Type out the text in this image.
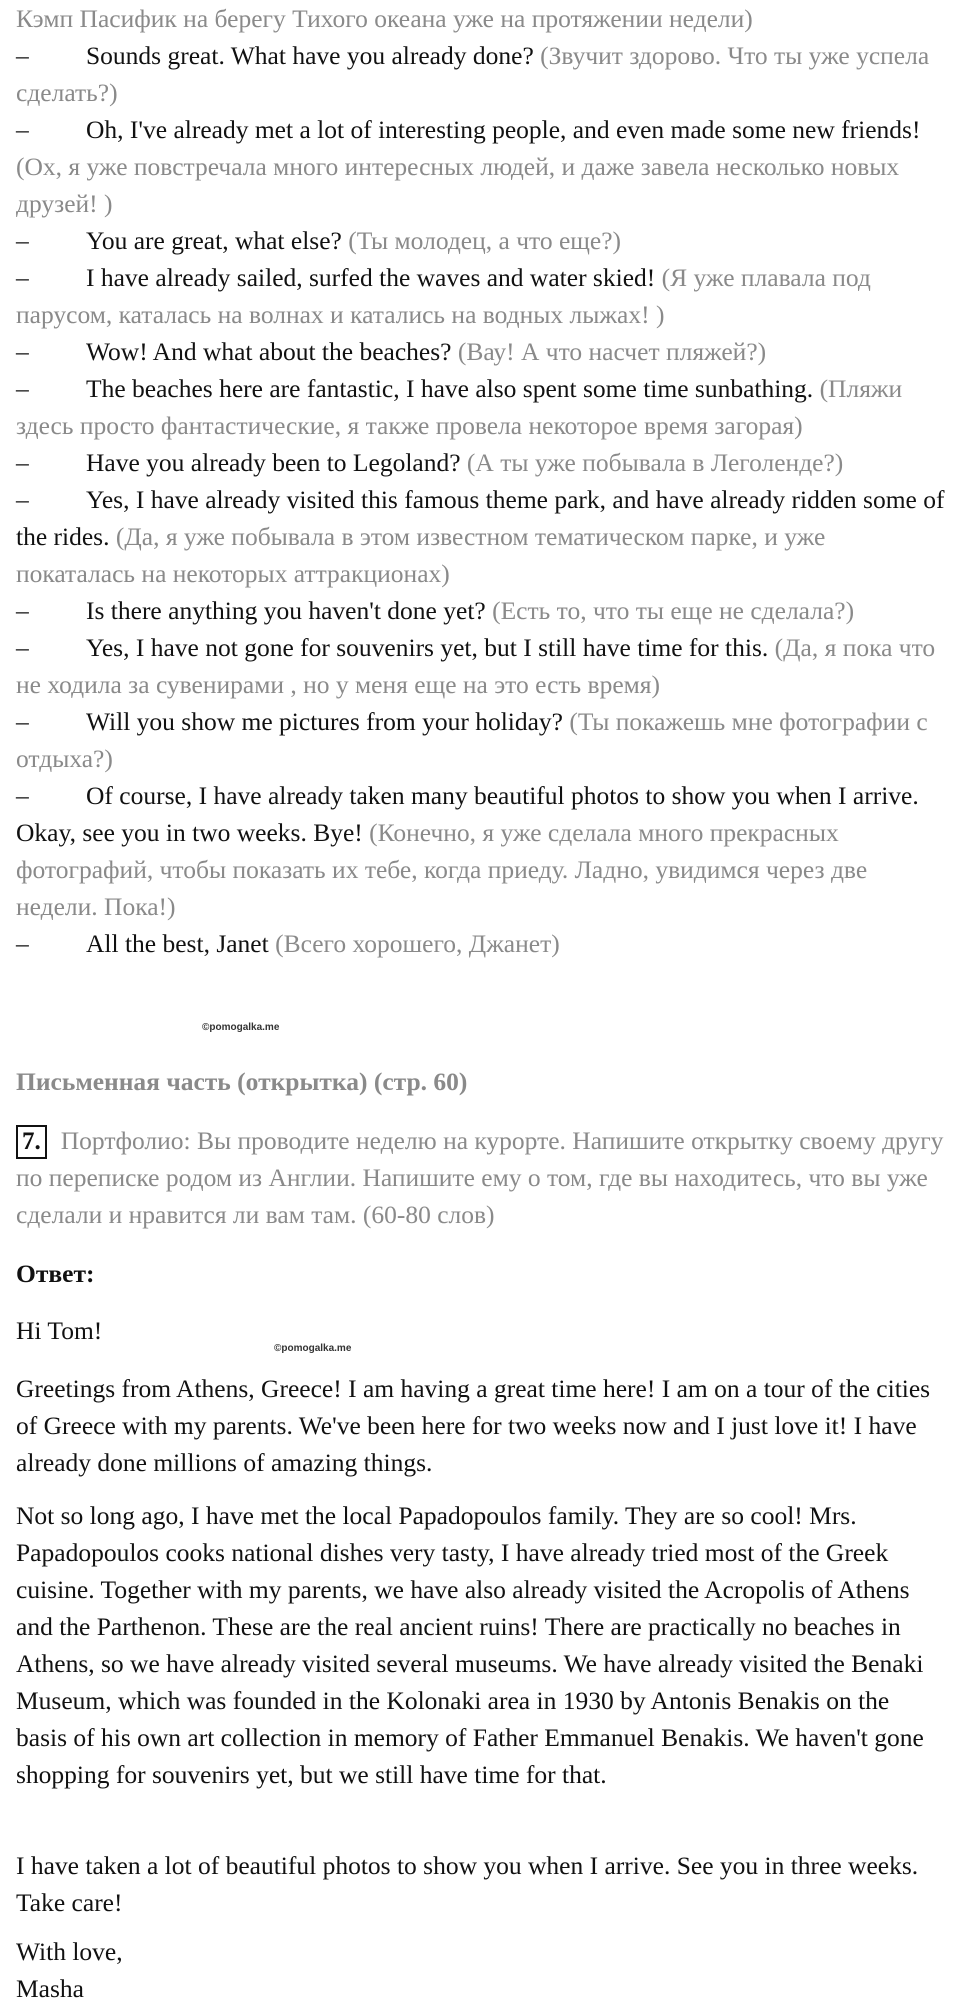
Кэмп Пасифик на берегу Тихого океана уже на протяжении недели)

– Sounds great. What have you already done? (Звучит здорово. Что ты уже успела сделать?)

– Oh, I've already met a lot of interesting people, and even made some new friends! (Ох, я уже повстречала много интересных людей, и даже завела несколько новых друзей! )

– You are great, what else? (Ты молодец, а что еще?)

– I have already sailed, surfed the waves and water skied! (Я уже плавала под парусом, каталась на волнах и катались на водных лыжах! )

– Wow! And what about the beaches? (Вау! А что насчет пляжей?)

– The beaches here are fantastic, I have also spent some time sunbathing. (Пляжи здесь просто фантастические, я также провела некоторое время загорая)

– Have you already been to Legoland? (А ты уже побывала в Леголенде?)

– Yes, I have already visited this famous theme park, and have already ridden some of the rides. (Да, я уже побывала в этом известном тематическом парке, и уже покаталась на некоторых аттракционах)

– Is there anything you haven't done yet? (Есть то, что ты еще не сделала?)

– Yes, I have not gone for souvenirs yet, but I still have time for this. (Да, я пока что не ходила за сувенирами , но у меня еще на это есть время)

– Will you show me pictures from your holiday? (Ты покажешь мне фотографии с отдыха?)

– Of course, I have already taken many beautiful photos to show you when I arrive. Okay, see you in two weeks. Bye! (Конечно, я уже сделала много прекрасных фотографий, чтобы показать их тебе, когда приеду. Ладно, увидимся через две недели. Пока!)

– All the best, Janet (Всего хорошего, Джанет)

©pomogalka.me

Письменная часть (открытка) (стр. 60)

7. Портфолио: Вы проводите неделю на курорте. Напишите открытку своему другу по переписке родом из Англии. Напишите ему о том, где вы находитесь, что вы уже сделали и нравится ли вам там. (60-80 слов)

Ответ:

Hi Tom!

©pomogalka.me

Greetings from Athens, Greece! I am having a great time here! I am on a tour of the cities of Greece with my parents. We've been here for two weeks now and I just love it! I have already done millions of amazing things.

Not so long ago, I have met the local Papadopoulos family. They are so cool! Mrs. Papadopoulos cooks national dishes very tasty, I have already tried most of the Greek cuisine. Together with my parents, we have also already visited the Acropolis of Athens and the Parthenon. These are the real ancient ruins! There are practically no beaches in Athens, so we have already visited several museums. We have already visited the Benaki Museum, which was founded in the Kolonaki area in 1930 by Antonis Benakis on the basis of his own art collection in memory of Father Emmanuel Benakis. We haven't gone shopping for souvenirs yet, but we still have time for that.

I have taken a lot of beautiful photos to show you when I arrive. See you in three weeks. Take care!

With love,

Masha
